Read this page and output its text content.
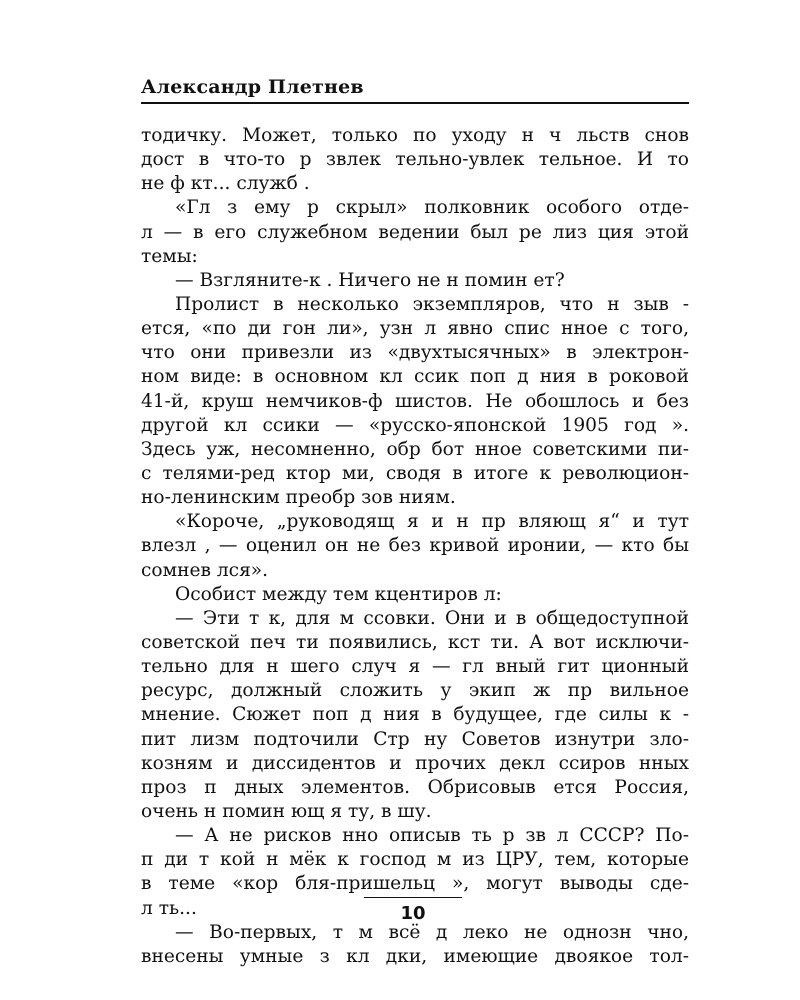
Александр Плетнев
тодичку. Может, только по уходу н ч льств снов
дост в что-то р звлек тельно-увлек тельное. И то
не ф кт... служб .
«Гл з ему р скрыл» полковник особого отде-
л — в его служебном ведении был ре лиз ция этой
темы:
— Взгляните-к . Ничего не н помин ет?
Пролист в несколько экземпляров, что н зыв -
ется, «по ди гон ли», узн л явно спис нное с того,
что они привезли из «двухтысячных» в электрон-
ном виде: в основном кл ссик поп д ния в роковой
41-й, круш немчиков-ф шистов. Не обошлось и без
другой кл ссики — «русско-японской 1905 год ».
Здесь уж, несомненно, обр бот нное советскими пи-
с телями-ред ктор ми, сводя в итоге к революцион-
но-ленинским преобр зов ниям.
«Короче, „руководящ я и н пр вляющ я“ и тут
влезл , — оценил он не без кривой иронии, — кто бы
сомнев лся».
Особист между тем кцентиров л:
— Эти т к, для м ссовки. Они и в общедоступной
советской печ ти появились, кст ти. А вот исключи-
тельно для н шего случ я — гл вный гит ционный
ресурс, должный сложить у экип ж пр вильное
мнение. Сюжет поп д ния в будущее, где силы к -
пит лизм подточили Стр ну Советов изнутри зло-
козням и диссидентов и прочих декл ссиров нных
проз п дных элементов. Обрисовыв ется Россия,
очень н помин ющ я ту, в шу.
— А не рисков нно описыв ть р зв л СССР? По-
п ди т кой н мёк к господ м из ЦРУ, тем, которые
в теме «кор бля-пришельц », могут выводы сде-
л ть...
— Во-первых, т м всё д леко не однозн чно,
внесены умные з кл дки, имеющие двоякое тол-
10
